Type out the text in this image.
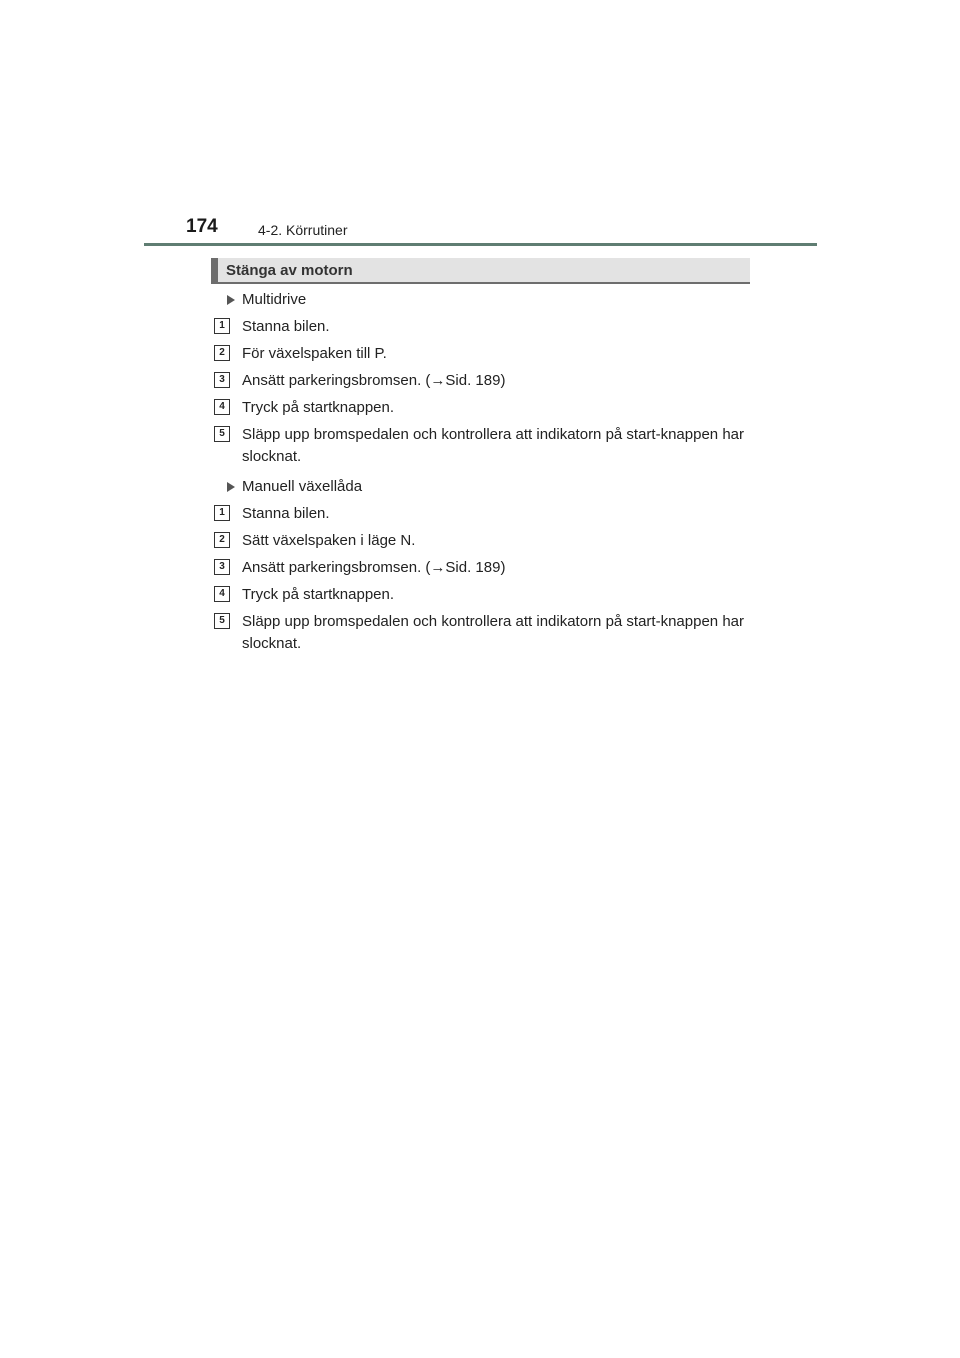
174	4-2. Körrutiner
Stänga av motorn
Multidrive
1	Stanna bilen.
2	För växelspaken till P.
3	Ansätt parkeringsbromsen. (→Sid. 189)
4	Tryck på startknappen.
5	Släpp upp bromspedalen och kontrollera att indikatorn på start-knappen har slocknat.
Manuell växellåda
1	Stanna bilen.
2	Sätt växelspaken i läge N.
3	Ansätt parkeringsbromsen. (→Sid. 189)
4	Tryck på startknappen.
5	Släpp upp bromspedalen och kontrollera att indikatorn på start-knappen har slocknat.
